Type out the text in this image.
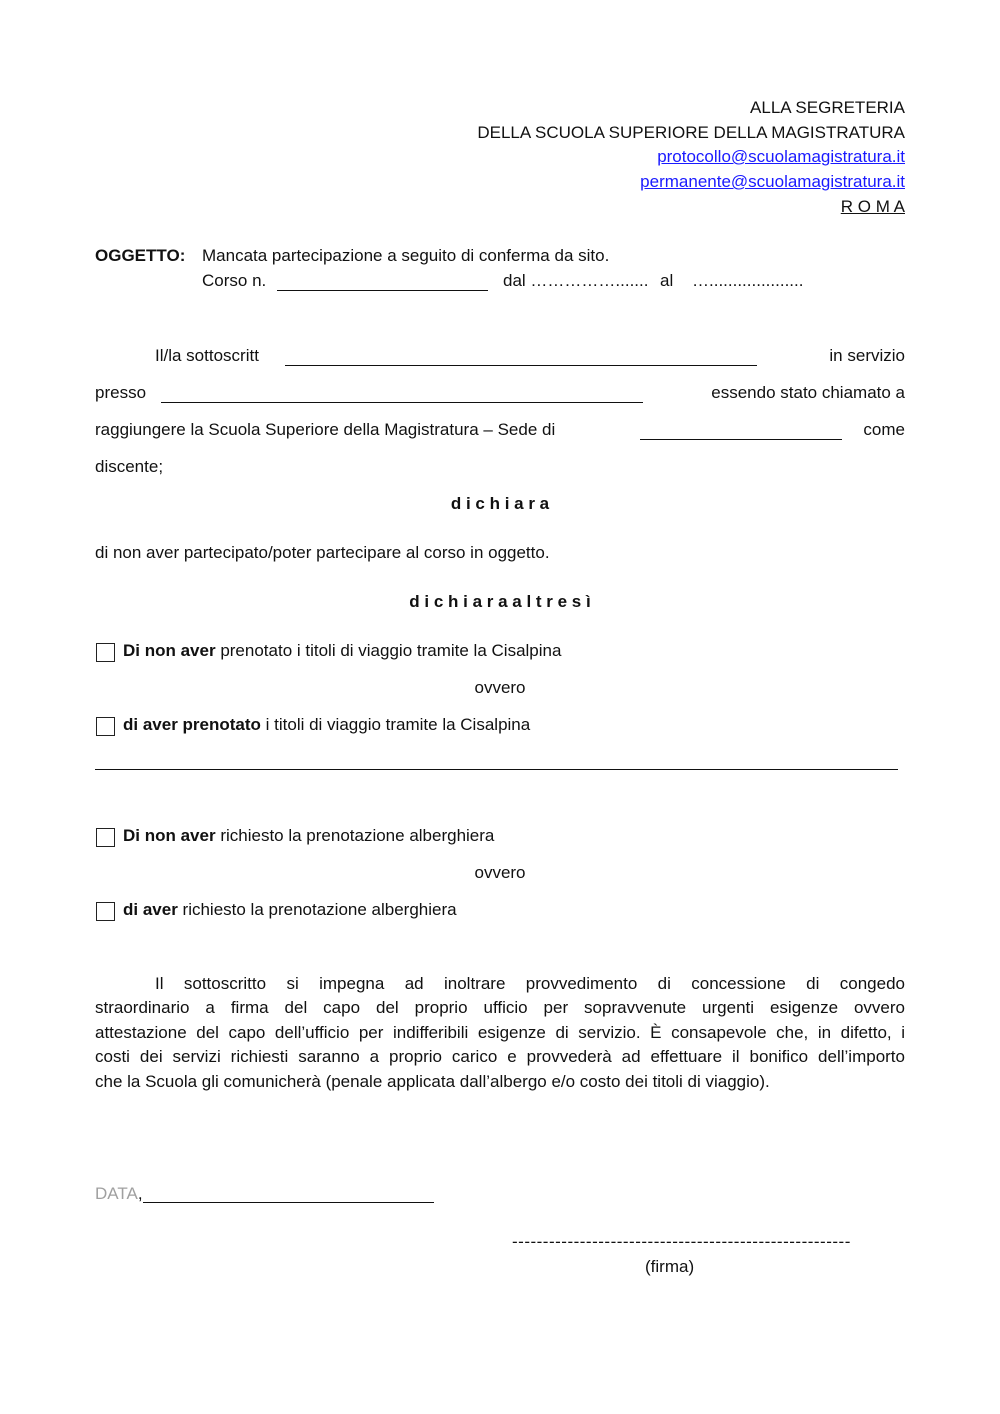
ALLA SEGRETERIA
DELLA SCUOLA SUPERIORE DELLA MAGISTRATURA
protocollo@scuolamagistratura.it
permanente@scuolamagistratura.it
R O M A
OGGETTO: Mancata partecipazione a seguito di conferma da sito.
Corso n.	dal ……………....... al …....................
Il/la sottoscritt	in servizio
presso	essendo stato chiamato a
raggiungere la Scuola Superiore della Magistratura – Sede di	come
discente;
d i c h i a r a
di non aver partecipato/poter partecipare al corso in oggetto.
d i c h i a r a a l t r e s ì
Di non aver prenotato i titoli di viaggio tramite la Cisalpina
ovvero
di aver prenotato i titoli di viaggio tramite la Cisalpina
Di non aver richiesto la prenotazione alberghiera
ovvero
di aver richiesto la prenotazione alberghiera
Il sottoscritto si impegna ad inoltrare provvedimento di concessione di congedo
straordinario a firma del capo del proprio ufficio per sopravvenute urgenti esigenze ovvero
attestazione del capo dell’ufficio per indifferibili esigenze di servizio. È consapevole che, in difetto, i
costi dei servizi richiesti saranno a proprio carico e provvederà ad effettuare il bonifico dell’importo
che la Scuola gli comunicherà (penale applicata dall’albergo e/o costo dei titoli di viaggio).
DATA,
-------------------------------------------------------
(firma)
